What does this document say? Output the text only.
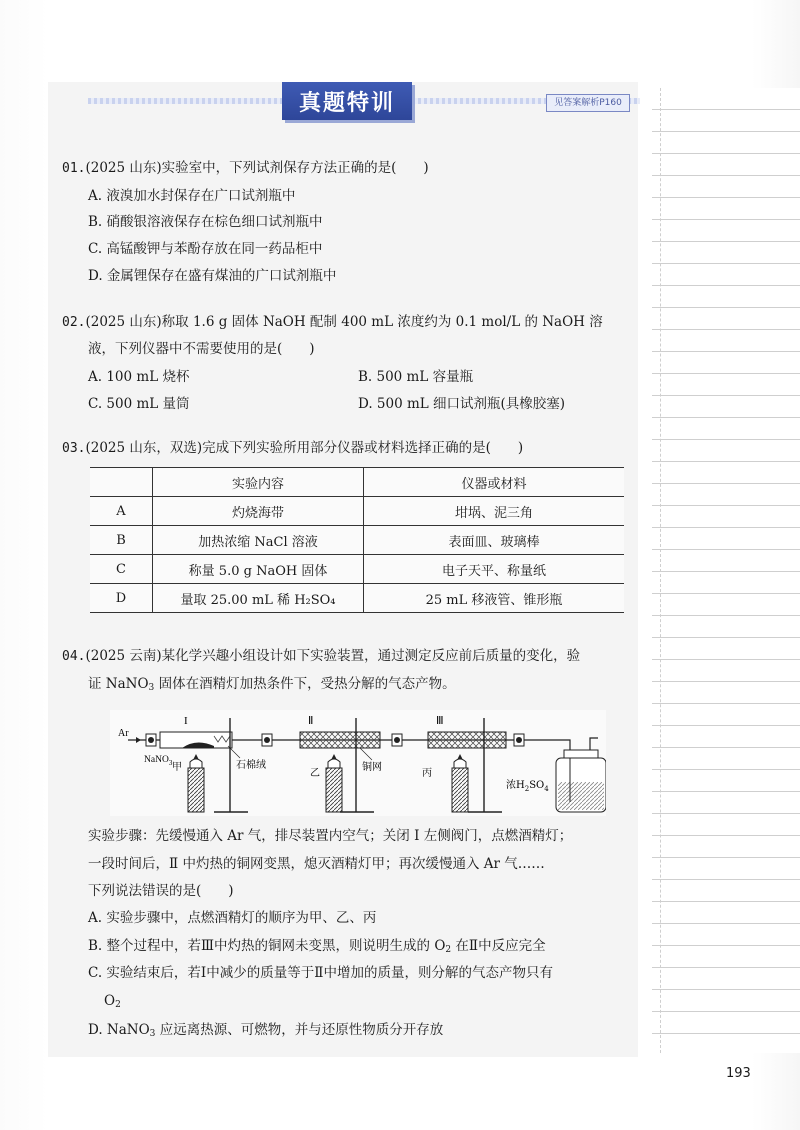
真题特训	见答案解析P160
01.(2025 山东)实验室中，下列试剂保存方法正确的是(　　)
A. 液溴加水封保存在广口试剂瓶中
B. 硝酸银溶液保存在棕色细口试剂瓶中
C. 高锰酸钾与苯酚存放在同一药品柜中
D. 金属锂保存在盛有煤油的广口试剂瓶中
02.(2025 山东)称取 1.6 g 固体 NaOH 配制 400 mL 浓度约为 0.1 mol/L 的 NaOH 溶
液，下列仪器中不需要使用的是(　　)
A. 100 mL 烧杯	B. 500 mL 容量瓶
C. 500 mL 量筒	D. 500 mL 细口试剂瓶(具橡胶塞)
03.(2025 山东，双选)完成下列实验所用部分仪器或材料选择正确的是(　　)
	实验内容	仪器或材料
A	灼烧海带	坩埚、泥三角
B	加热浓缩 NaCl 溶液	表面皿、玻璃棒
C	称量 5.0 g NaOH 固体	电子天平、称量纸
D	量取 25.00 mL 稀 H₂SO₄	25 mL 移液管、锥形瓶
04.(2025 云南)某化学兴趣小组设计如下实验装置，通过测定反应前后质量的变化，验
证 NaNO$_3$ 固体在酒精灯加热条件下，受热分解的气态产物。
Ar
I
NaNO$_3$	石棉绒
Ⅱ
铜网
Ⅲ
甲
乙	丙
浓$H_2SO_4$
实验步骤：先缓慢通入 Ar 气，排尽装置内空气；关闭 Ⅰ 左侧阀门，点燃酒精灯；
一段时间后，Ⅱ 中灼热的铜网变黑，熄灭酒精灯甲；再次缓慢通入 Ar 气……
下列说法错误的是(　　)
A. 实验步骤中，点燃酒精灯的顺序为甲、乙、丙
B. 整个过程中，若Ⅲ中灼热的铜网未变黑，则说明生成的 $O_2$ 在Ⅱ中反应完全
C. 实验结束后，若Ⅰ中减少的质量等于Ⅱ中增加的质量，则分解的气态产物只有
$O_2$
D. NaNO$_3$ 应远离热源、可燃物，并与还原性物质分开存放
193
